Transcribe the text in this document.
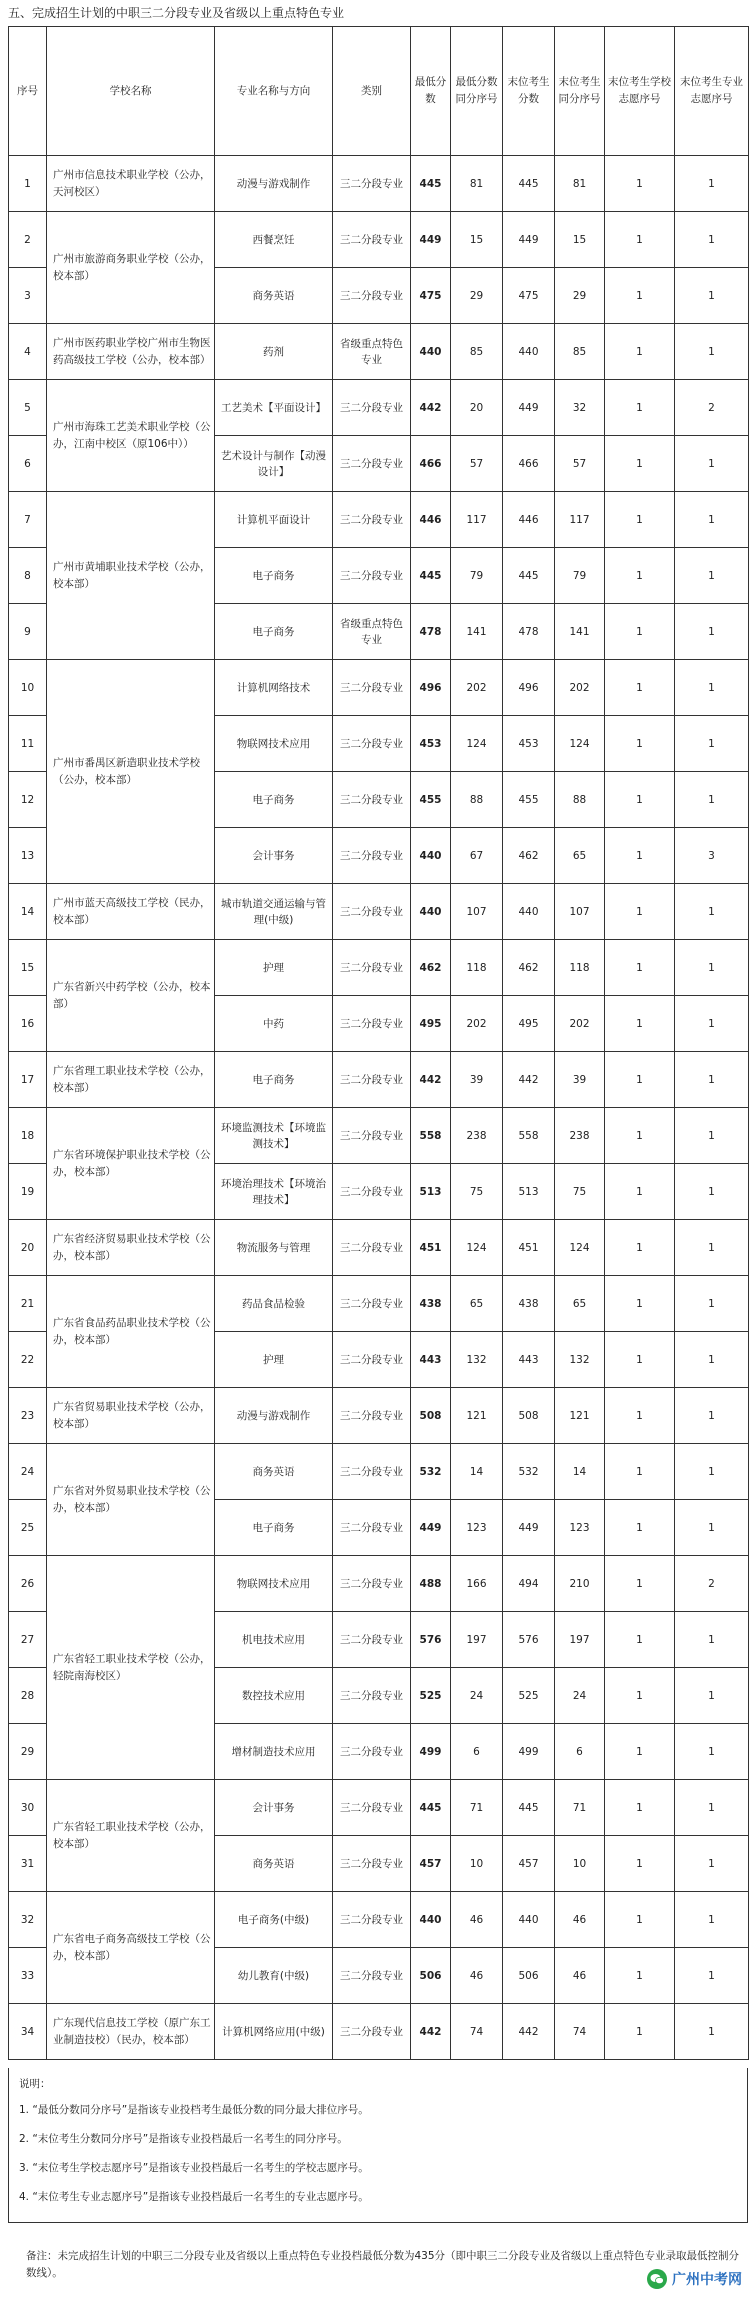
五、完成招生计划的中职三二分段专业及省级以上重点特色专业
序号	学校名称	专业名称与方向	类别	最低分数	最低分数同分序号	末位考生分数	末位考生同分序号	末位考生学校志愿序号	末位考生专业志愿序号
1	广州市信息技术职业学校（公办，天河校区）	动漫与游戏制作	三二分段专业	445	81	445	81	1	1
2	广州市旅游商务职业学校（公办，校本部）	西餐烹饪	三二分段专业	449	15	449	15	1	1
3		商务英语	三二分段专业	475	29	475	29	1	1
4	广州市医药职业学校广州市生物医药高级技工学校（公办，校本部）	药剂	省级重点特色专业	440	85	440	85	1	1
5	广州市海珠工艺美术职业学校（公办，江南中校区（原106中））	工艺美术【平面设计】	三二分段专业	442	20	449	32	1	2
6		艺术设计与制作【动漫设计】	三二分段专业	466	57	466	57	1	1
7	广州市黄埔职业技术学校（公办，校本部）	计算机平面设计	三二分段专业	446	117	446	117	1	1
8		电子商务	三二分段专业	445	79	445	79	1	1
9		电子商务	省级重点特色专业	478	141	478	141	1	1
10	广州市番禺区新造职业技术学校（公办，校本部）	计算机网络技术	三二分段专业	496	202	496	202	1	1
11		物联网技术应用	三二分段专业	453	124	453	124	1	1
12		电子商务	三二分段专业	455	88	455	88	1	1
13		会计事务	三二分段专业	440	67	462	65	1	3
14	广州市蓝天高级技工学校（民办，校本部）	城市轨道交通运输与管理(中级)	三二分段专业	440	107	440	107	1	1
15	广东省新兴中药学校（公办，校本部）	护理	三二分段专业	462	118	462	118	1	1
16		中药	三二分段专业	495	202	495	202	1	1
17	广东省理工职业技术学校（公办，校本部）	电子商务	三二分段专业	442	39	442	39	1	1
18	广东省环境保护职业技术学校（公办，校本部）	环境监测技术【环境监测技术】	三二分段专业	558	238	558	238	1	1
19		环境治理技术【环境治理技术】	三二分段专业	513	75	513	75	1	1
20	广东省经济贸易职业技术学校（公办，校本部）	物流服务与管理	三二分段专业	451	124	451	124	1	1
21	广东省食品药品职业技术学校（公办，校本部）	药品食品检验	三二分段专业	438	65	438	65	1	1
22		护理	三二分段专业	443	132	443	132	1	1
23	广东省贸易职业技术学校（公办，校本部）	动漫与游戏制作	三二分段专业	508	121	508	121	1	1
24	广东省对外贸易职业技术学校（公办，校本部）	商务英语	三二分段专业	532	14	532	14	1	1
25		电子商务	三二分段专业	449	123	449	123	1	1
26	广东省轻工职业技术学校（公办，轻院南海校区）	物联网技术应用	三二分段专业	488	166	494	210	1	2
27		机电技术应用	三二分段专业	576	197	576	197	1	1
28		数控技术应用	三二分段专业	525	24	525	24	1	1
29		增材制造技术应用	三二分段专业	499	6	499	6	1	1
30	广东省轻工职业技术学校（公办，校本部）	会计事务	三二分段专业	445	71	445	71	1	1
31		商务英语	三二分段专业	457	10	457	10	1	1
32	广东省电子商务高级技工学校（公办，校本部）	电子商务(中级)	三二分段专业	440	46	440	46	1	1
33		幼儿教育(中级)	三二分段专业	506	46	506	46	1	1
34	广东现代信息技工学校（原广东工业制造技校）（民办，校本部）	计算机网络应用(中级)	三二分段专业	442	74	442	74	1	1
说明：
1. “最低分数同分序号”是指该专业投档考生最低分数的同分最大排位序号。
2. “末位考生分数同分序号”是指该专业投档最后一名考生的同分序号。
3. “末位考生学校志愿序号”是指该专业投档最后一名考生的学校志愿序号。
4. “末位考生专业志愿序号”是指该专业投档最后一名考生的专业志愿序号。
备注：未完成招生计划的中职三二分段专业及省级以上重点特色专业投档最低分数为435分（即中职三二分段专业及省级以上重点特色专业录取最低控制分数线）。	广州中考网
